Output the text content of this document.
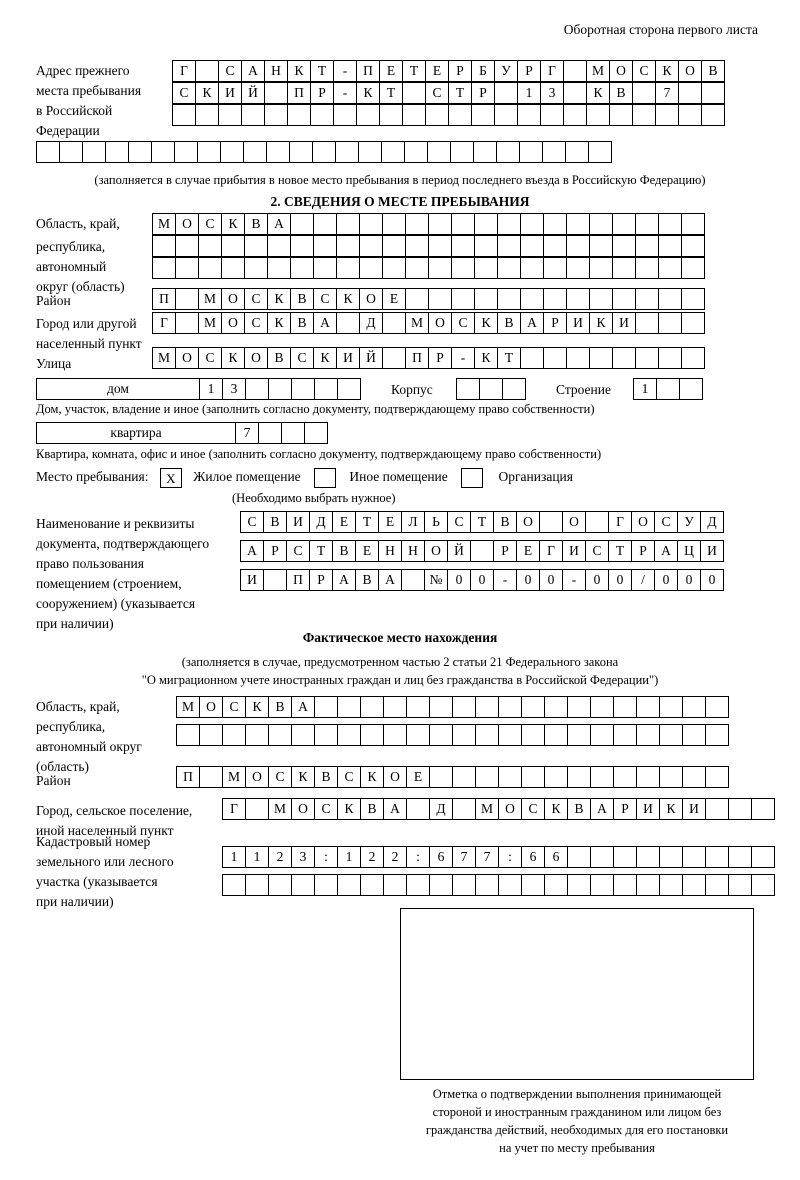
Оборотная сторона первого листа
Адрес прежнего
места пребывания
в Российской
Федерации
Г	С	А Н	К	Т	-	П	Е	Т	Е	Р	Б	У	Р	Г	М О	С	К	О	В
С	К	И Й	П	Р	-	К	Т	С	Т	Р	1	3	К	В	7
(заполняется в случае прибытия в новое место пребывания в период последнего въезда в Российскую Федерацию)
2. СВЕДЕНИЯ О МЕСТЕ ПРЕБЫВАНИЯ
Область, край,
республика,
автономный
округ (область)
М О	С	К	В	А
Район	П	М О	С	К	В	С	К	О	Е
Город или другой
населенный пункт
Г	М О	С	К	В	А	Д	М О	С	К	В	А	Р	И	К	И
Улица	М О	С	К	О	В	С	К	И Й	П	Р	-	К	Т
дом	1	3	Корпус	Строение	1
Дом, участок, владение и иное (заполнить согласно документу, подтверждающему право собственности)
квартира	7
Квартира, комната, офис и иное (заполнить согласно документу, подтверждающему право собственности)
Место пребывания: X Жилое помещение	Иное помещение	Организация
(Необходимо выбрать нужное)
Наименование и реквизиты
документа, подтверждающего
право пользования
помещением (строением,
сооружением) (указывается
при наличии)
С	В	И	Д	Е	Т	Е	Л	Ь	С	Т	В	О	О	Г	О	С	У	Д
А	Р	С	Т	В	Е	Н Н О Й	Р	Е	Г	И	С	Т	Р	А Ц И
И	П	Р	А	В	А	№ 0	0	-	0	0	-	0	0	/	0	0	0
Фактическое место нахождения
(заполняется в случае, предусмотренном частью 2 статьи 21 Федерального закона
"О миграционном учете иностранных граждан и лиц без гражданства в Российской Федерации")
Область, край,
республика,
автономный округ
(область)
М О	С	К	В	А
Район	П	М О	С	К	В	С	К	О	Е
Город, сельское поселение,
иной населенный пункт
Г	М О	С	К	В	А	Д	М О	С	К	В	А	Р	И	К	И
Кадастровый номер
земельного или лесного
участка (указывается
при наличии)
1	1	2	3	:	1	2	2	:	6	7	7	:	6	6
Отметка о подтверждении выполнения принимающей
стороной и иностранным гражданином или лицом без
гражданства действий, необходимых для его постановки
на учет по месту пребывания
